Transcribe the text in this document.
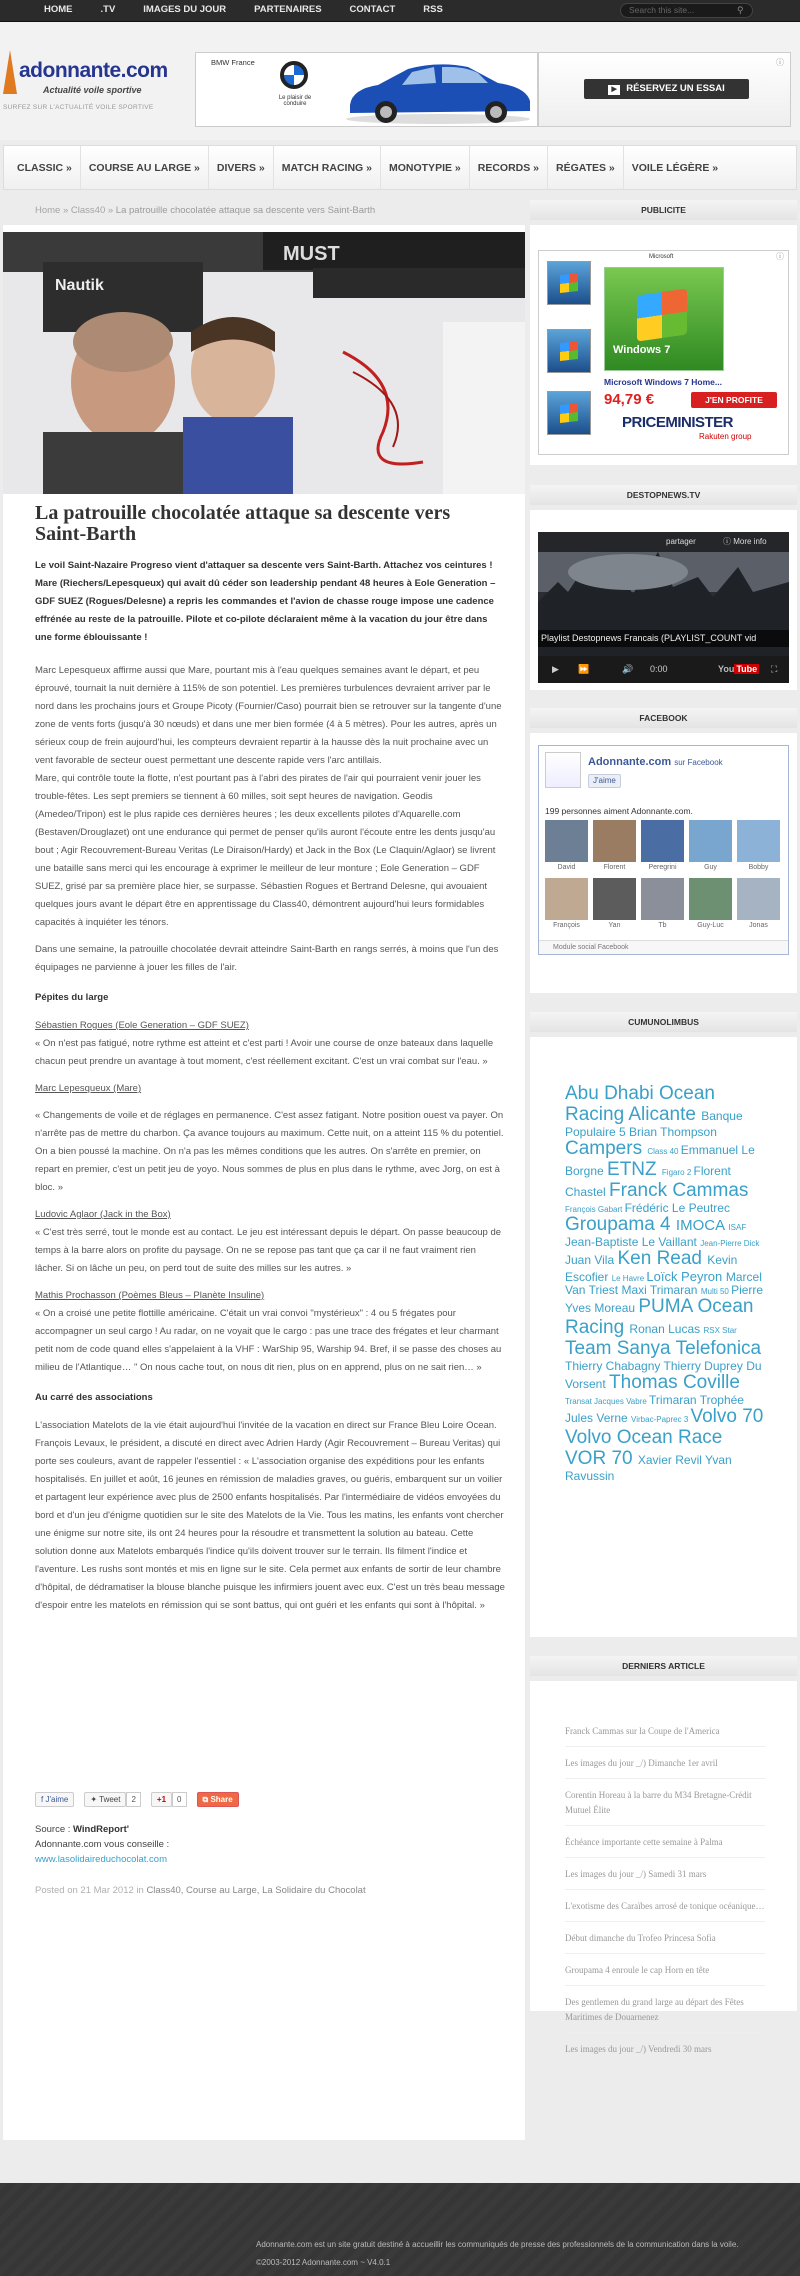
HOME	.TV	IMAGES DU JOUR	PARTENAIRES	CONTACT	RSS	Search this site...	⚲
adonnante.com
Actualité voile sportive
SURFEZ SUR L'ACTUALITÉ VOILE SPORTIVE
BMW France
Le plaisir de conduire
▶ RÉSERVEZ UN ESSAI
ⓘ
CLASSIC »	COURSE AU LARGE »	DIVERS »	MATCH RACING »	MONOTYPIE »	RECORDS »	RÉGATES »	VOILE LÉGÈRE »
Home » Class40 » La patrouille chocolatée attaque sa descente vers Saint-Barth
MUST
Nautik
La patrouille chocolatée attaque sa descente vers Saint-Barth

Le voil Saint-Nazaire Progreso vient d'attaquer sa descente vers Saint-Barth. Attachez vos ceintures ! Mare (Riechers/Lepesqueux) qui avait dû céder son leadership pendant 48 heures à Eole Generation – GDF SUEZ (Rogues/Delesne) a repris les commandes et l'avion de chasse rouge impose une cadence effrénée au reste de la patrouille. Pilote et co-pilote déclaraient même à la vacation du jour être dans une forme éblouissante !

Marc Lepesqueux affirme aussi que Mare, pourtant mis à l'eau quelques semaines avant le départ, et peu éprouvé, tournait la nuit dernière à 115% de son potentiel. Les premières turbulences devraient arriver par le nord dans les prochains jours et Groupe Picoty (Fournier/Caso) pourrait bien se retrouver sur la tangente d'une zone de vents forts (jusqu'à 30 nœuds) et dans une mer bien formée (4 à 5 mètres). Pour les autres, après un sérieux coup de frein aujourd'hui, les compteurs devraient repartir à la hausse dès la nuit prochaine avec un vent favorable de secteur ouest permettant une descente rapide vers l'arc antillais.

Mare, qui contrôle toute la flotte, n'est pourtant pas à l'abri des pirates de l'air qui pourraient venir jouer les trouble-fêtes. Les sept premiers se tiennent à 60 milles, soit sept heures de navigation. Geodis (Amedeo/Tripon) est le plus rapide ces dernières heures ; les deux excellents pilotes d'Aquarelle.com (Bestaven/Drouglazet) ont une endurance qui permet de penser qu'ils auront l'écoute entre les dents jusqu'au bout ; Agir Recouvrement-Bureau Veritas (Le Diraison/Hardy) et Jack in the Box (Le Claquin/Aglaor) se livrent une bataille sans merci qui les encourage à exprimer le meilleur de leur monture ; Eole Generation – GDF SUEZ, grisé par sa première place hier, se surpasse. Sébastien Rogues et Bertrand Delesne, qui avouaient quelques jours avant le départ être en apprentissage du Class40, démontrent aujourd'hui leurs formidables capacités à inquiéter les ténors.

Dans une semaine, la patrouille chocolatée devrait atteindre Saint-Barth en rangs serrés, à moins que l'un des équipages ne parvienne à jouer les filles de l'air.

Pépites du large

Sébastien Rogues (Eole Generation – GDF SUEZ)

« On n'est pas fatigué, notre rythme est atteint et c'est parti ! Avoir une course de onze bateaux dans laquelle chacun peut prendre un avantage à tout moment, c'est réellement excitant. C'est un vrai combat sur l'eau. »

Marc Lepesqueux (Mare)

« Changements de voile et de réglages en permanence. C'est assez fatigant. Notre position ouest va payer. On n'arrête pas de mettre du charbon. Ça avance toujours au maximum. Cette nuit, on a atteint 115 % du potentiel. On a bien poussé la machine. On n'a pas les mêmes conditions que les autres. On s'arrête en premier, on repart en premier, c'est un petit jeu de yoyo. Nous sommes de plus en plus dans le rythme, avec Jorg, on est à bloc. »

Ludovic Aglaor (Jack in the Box)

« C'est très serré, tout le monde est au contact. Le jeu est intéressant depuis le départ. On passe beaucoup de temps à la barre alors on profite du paysage. On ne se repose pas tant que ça car il ne faut vraiment rien lâcher. Si on lâche un peu, on perd tout de suite des milles sur les autres. »

Mathis Prochasson (Poèmes Bleus – Planète Insuline)

« On a croisé une petite flottille américaine. C'était un vrai convoi "mystérieux" : 4 ou 5 frégates pour accompagner un seul cargo ! Au radar, on ne voyait que le cargo : pas une trace des frégates et leur charmant petit nom de code quand elles s'appelaient à la VHF : WarShip 95, Warship 94. Bref, il se passe des choses au milieu de l'Atlantique… " On nous cache tout, on nous dit rien, plus on en apprend, plus on ne sait rien… »

Au carré des associations

L'association Matelots de la vie était aujourd'hui l'invitée de la vacation en direct sur France Bleu Loire Ocean. François Levaux, le président, a discuté en direct avec Adrien Hardy (Agir Recouvrement – Bureau Veritas) qui porte ses couleurs, avant de rappeler l'essentiel : « L'association organise des expéditions pour les enfants hospitalisés. En juillet et août, 16 jeunes en rémission de maladies graves, ou guéris, embarquent sur un voilier et partagent leur expérience avec plus de 2500 enfants hospitalisés. Par l'intermédiaire de vidéos envoyées du bord et d'un jeu d'énigme quotidien sur le site des Matelots de la Vie. Tous les matins, les enfants vont chercher une énigme sur notre site, ils ont 24 heures pour la résoudre et transmettent la solution au bateau. Cette solution donne aux Matelots embarqués l'indice qu'ils doivent trouver sur le terrain. Ils filment l'indice et l'aventure. Les rushs sont montés et mis en ligne sur le site. Cela permet aux enfants de sortir de leur chambre d'hôpital, de dédramatiser la blouse blanche puisque les infirmiers jouent avec eux. C'est un très beau message d'espoir entre les matelots en rémission qui se sont battus, qui ont guéri et les enfants qui sont à l'hôpital. »

f J'aime	✦ Tweet	2	+1	0	⧉ Share
Source : WindReport'
Adonnante.com vous conseille :
www.lasolidaireduchocolat.com
Posted on 21 Mar 2012 in Class40, Course au Large, La Solidaire du Chocolat
PUBLICITE
Microsoft
Windows 7
Microsoft Windows 7 Home...
94,79 €	J'EN PROFITE
PRICEMINISTER
Rakuten group
ⓘ
DESTOPNEWS.TV
partager	ⓘ More info
Playlist Destopnews Francais (PLAYLIST_COUNT vid
▶ ⏩	🔊 0:00	You Tube ⛶
FACEBOOK
Adonnante.com sur Facebook
J'aime
199 personnes aiment Adonnante.com.
David	Florent	Peregrini	Guy	Bobby
François	Yan	Tb	Guy-Luc	Jonas
Module social Facebook
CUMUNOLIMBUS
Abu Dhabi Ocean Racing Alicante Banque Populaire 5 Brian Thompson Campers Class 40 Emmanuel Le Borgne ETNZ Figaro 2 Florent Chastel Franck Cammas François Gabart Frédéric Le Peutrec Groupama 4 IMOCA ISAF Jean-Baptiste Le Vaillant Jean-Pierre Dick Juan Vila Ken Read Kevin Escofier Le Havre Loïck Peyron Marcel Van Triest Maxi Trimaran Multi 50 Pierre Yves Moreau PUMA Ocean Racing Ronan Lucas RSX Star Team Sanya Telefonica Thierry Chabagny Thierry Duprey Du Vorsent Thomas Coville Transat Jacques Vabre Trimaran Trophée Jules Verne Virbac-Paprec 3 Volvo 70 Volvo Ocean Race VOR 70 Xavier Revil Yvan Ravussin
DERNIERS ARTICLE
Franck Cammas sur la Coupe de l'America
Les images du jour _/) Dimanche 1er avril
Corentin Horeau à la barre du M34 Bretagne-Crédit Mutuel Élite
Échéance importante cette semaine à Palma
Les images du jour _/) Samedi 31 mars
L'exotisme des Caraïbes arrosé de tonique océanique…
Début dimanche du Trofeo Princesa Sofia
Groupama 4 enroule le cap Horn en tête
Des gentlemen du grand large au départ des Fêtes Maritimes de Douarnenez
Les images du jour _/) Vendredi 30 mars
Adonnante.com est un site gratuit destiné à accueillir les communiqués de presse des professionnels de la communication dans la voile.
©2003-2012 Adonnante.com ~ V4.0.1
